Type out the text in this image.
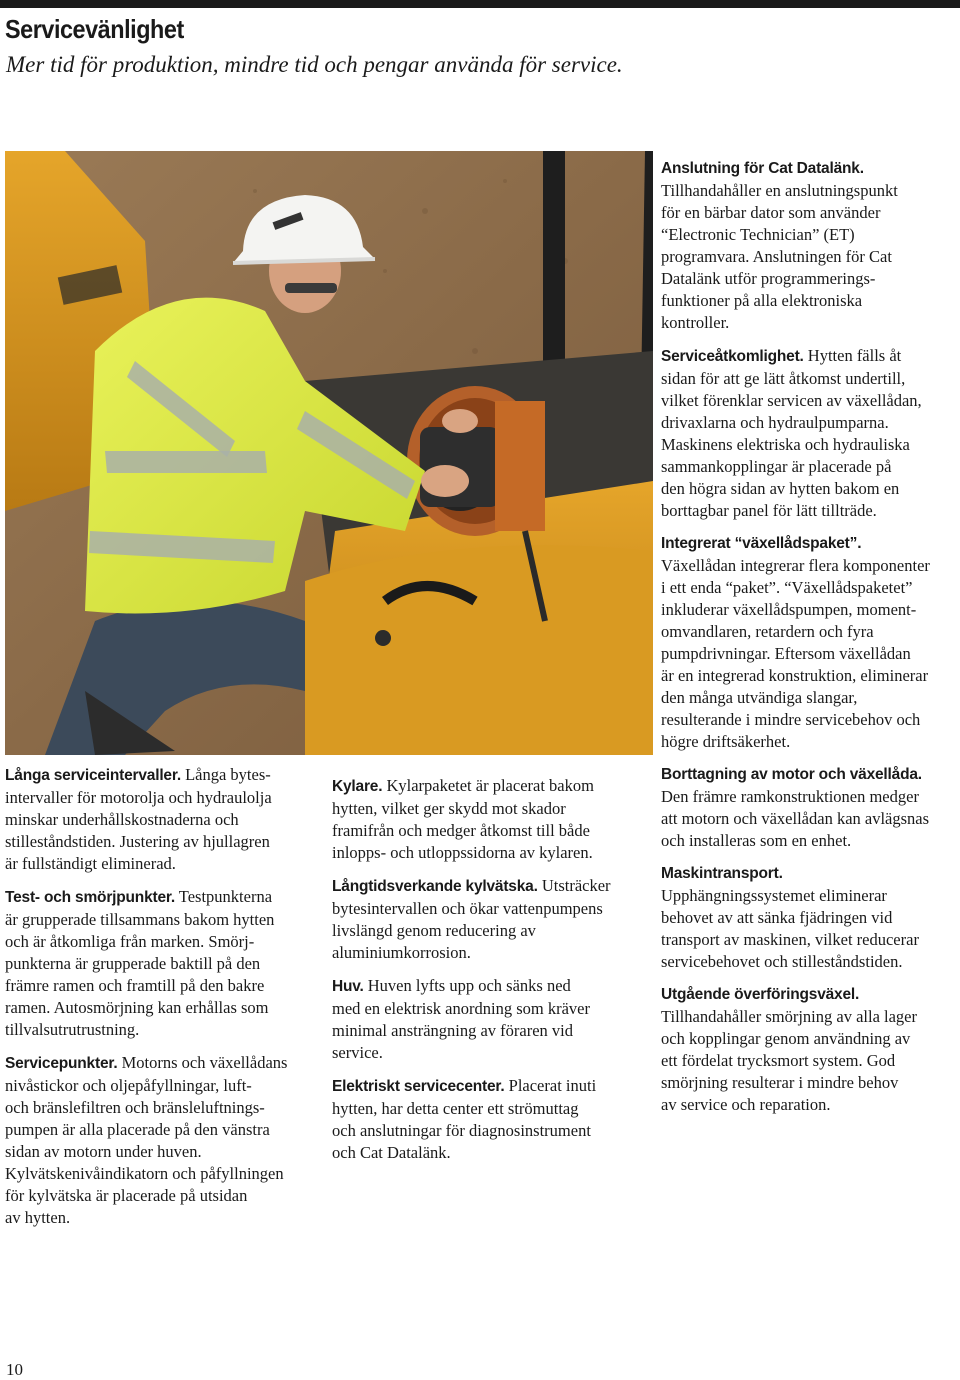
Servicevänlighet
Mer tid för produktion, mindre tid och pengar använda för service.

Anslutning för Cat Datalänk.
Tillhandahåller en anslutningspunkt
för en bärbar dator som använder
“Electronic Technician” (ET)
programvara. Anslutningen för Cat
Datalänk utför programmerings-
funktioner på alla elektroniska
kontroller.

Serviceåtkomlighet. Hytten fälls åt
sidan för att ge lätt åtkomst undertill,
vilket förenklar servicen av växellådan,
drivaxlarna och hydraulpumparna.
Maskinens elektriska och hydrauliska
sammankopplingar är placerade på
den högra sidan av hytten bakom en
borttagbar panel för lätt tillträde.

Integrerat “växellådspaket”.
Växellådan integrerar flera komponenter
i ett enda “paket”. “Växellådspaketet”
inkluderar växellådspumpen, moment-
omvandlaren, retardern och fyra
pumpdrivningar. Eftersom växellådan
är en integrerad konstruktion, eliminerar
den många utvändiga slangar,
resulterande i mindre servicebehov och
högre driftsäkerhet.

Borttagning av motor och växellåda.
Den främre ramkonstruktionen medger
att motorn och växellådan kan avlägsnas
och installeras som en enhet.

Maskintransport.
Upphängningssystemet eliminerar
behovet av att sänka fjädringen vid
transport av maskinen, vilket reducerar
servicebehovet och stilleståndstiden.

Utgående överföringsväxel.
Tillhandahåller smörjning av alla lager
och kopplingar genom användning av
ett fördelat trycksmort system. God
smörjning resulterar i mindre behov
av service och reparation.

Långa serviceintervaller. Långa bytes-
intervaller för motorolja och hydraulolja
minskar underhållskostnaderna och
stilleståndstiden. Justering av hjullagren
är fullständigt eliminerad.

Test- och smörjpunkter. Testpunkterna
är grupperade tillsammans bakom hytten
och är åtkomliga från marken. Smörj-
punkterna är grupperade baktill på den
främre ramen och framtill på den bakre
ramen. Autosmörjning kan erhållas som
tillvalsutrutrustning.

Servicepunkter. Motorns och växellådans
nivåstickor och oljepåfyllningar, luft-
och bränslefiltren och bränsleluftnings-
pumpen är alla placerade på den vänstra
sidan av motorn under huven.
Kylvätskenivåindikatorn och påfyllningen
för kylvätska är placerade på utsidan
av hytten.

Kylare. Kylarpaketet är placerat bakom
hytten, vilket ger skydd mot skador
framifrån och medger åtkomst till både
inlopps- och utloppssidorna av kylaren.

Långtidsverkande kylvätska. Utsträcker
bytesintervallen och ökar vattenpumpens
livslängd genom reducering av
aluminiumkorrosion.

Huv. Huven lyfts upp och sänks ned
med en elektrisk anordning som kräver
minimal ansträngning av föraren vid
service.

Elektriskt servicecenter. Placerat inuti
hytten, har detta center ett strömuttag
och anslutningar för diagnosinstrument
och Cat Datalänk.

10
